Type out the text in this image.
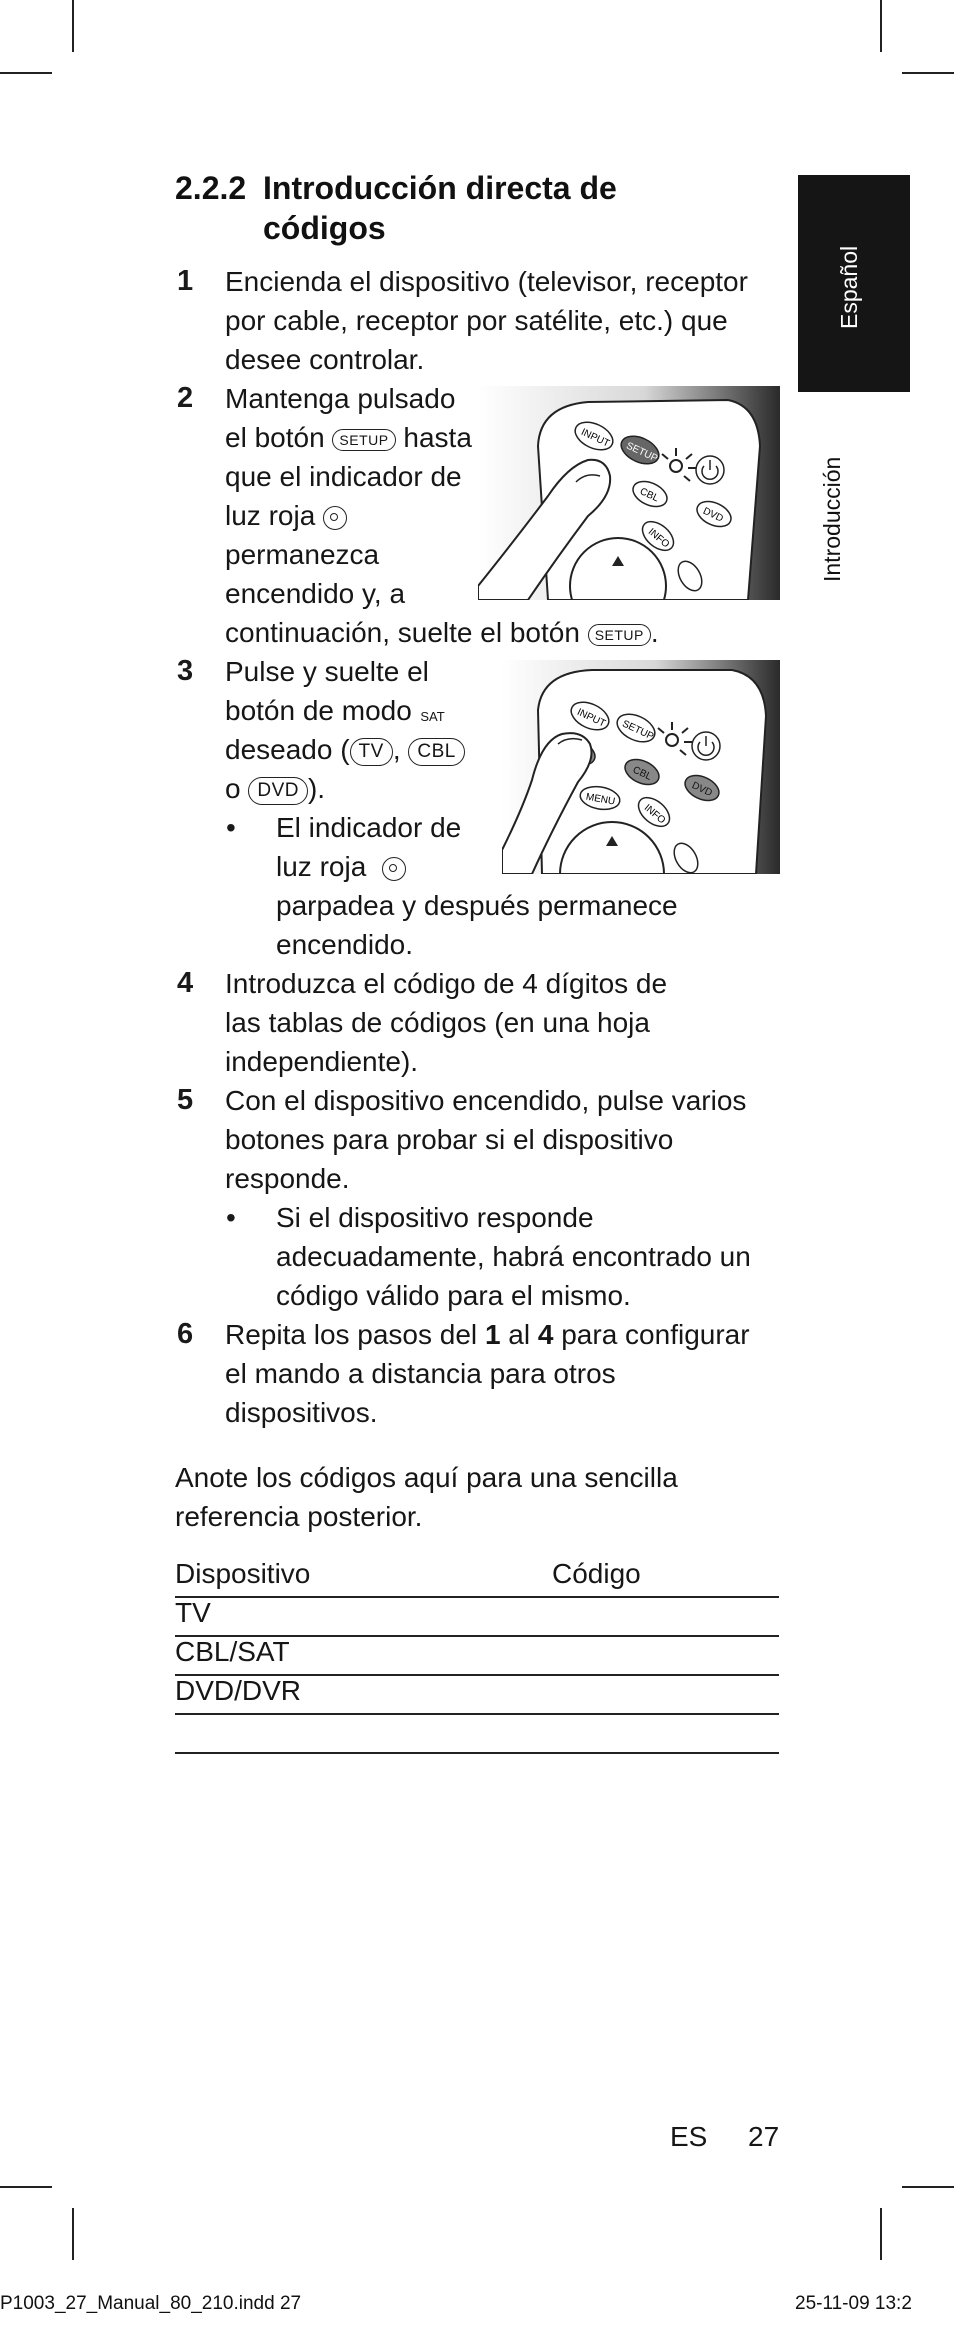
Español
Introducción
2.2.2 Introducción directa de
códigos
1 Encienda el dispositivo (televisor, receptor
por cable, receptor por satélite, etc.) que
desee controlar.
2 Mantenga pulsado
el botón SETUP hasta
que el indicador de
luz roja
permanezca
encendido y, a
continuación, suelte el botón SETUP .
INPUT
SETUP
CBL
DVD
INFO
3 Pulse y suelte el
botón de modo
deseado ( TV ,
SAT
CBL
o DVD ).
• El indicador de
luz roja
parpadea y después permanece
encendido.
INPUT
SETUP
CBL
DVD
MENU
INFO
4 Introduzca el código de 4 dígitos de
las tablas de códigos (en una hoja
independiente).
5 Con el dispositivo encendido, pulse varios
botones para probar si el dispositivo
responde.
• Si el dispositivo responde
adecuadamente, habrá encontrado un
código válido para el mismo.
6 Repita los pasos del 1 al 4 para configurar
el mando a distancia para otros
dispositivos.
Anote los códigos aquí para una sencilla
referencia posterior.
Dispositivo	Código
TV
CBL/SAT
DVD/DVR
ES 27
P1003_27_Manual_80_210.indd 27	25-11-09 13:2
